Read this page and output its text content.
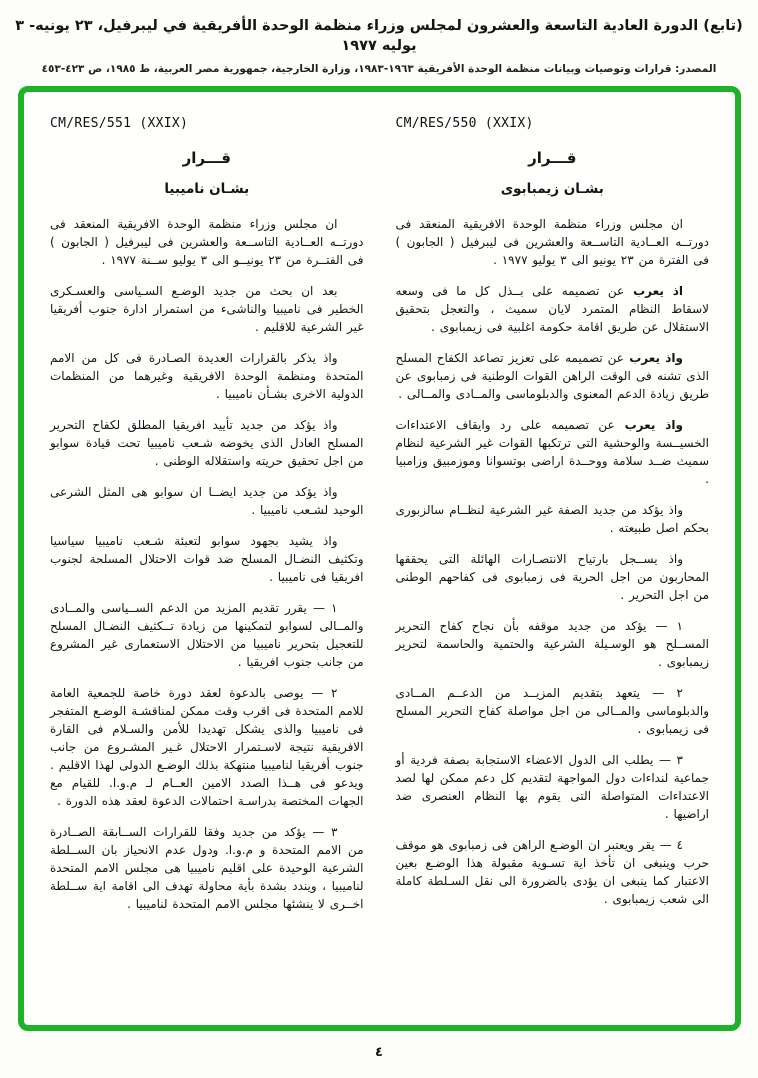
(تابع) الدورة العادية التاسعة والعشرون لمجلس وزراء منظمة الوحدة الأفريقية في ليبرفيل، ٢٣ يونيه- ٣ يوليه ١٩٧٧
المصدر: قرارات وتوصيات وبيانات منظمة الوحدة الأفريقية ١٩٦٣-١٩٨٣، وزارة الخارجية، جمهورية مصر العربية، ط ١٩٨٥، ص ٤٢٣-٤٥٣
CM/RES/550 (XXIX)
قـــرار
بشـان زيمبابوى

ان مجلس وزراء منظمة الوحدة الافريقية المنعقد فى دورتــه العــادية التاســعة والعشرين فى ليبرفيل ( الجابون ) فى الفترة من ٢٣ يونيو الى ٣ يوليو ١٩٧٧ .

اذ يعرب عن تصميمه على بــذل كل ما فى وسعه لاسقاط النظام المتمرد لايان سميث ، والتعجل بتحقيق الاستقلال عن طريق اقامة حكومة اغلبية فى زيمبابوى .

واذ يعرب عن تصميمه على تعزيز تصاعد الكفاح المسلح الذى تشنه فى الوقت الراهن القوات الوطنية فى زمبابوى عن طريق زيادة الدعم المعنوى والدبلوماسى والمــادى والمــالى .

واذ يعرب عن تصميمه على رد وايقاف الاعتداءات الخسيــسة والوحشية التى ترتكبها القوات غير الشرعية لنظام سميث ضــد سلامة ووحــدة اراضى بوتسوانا وموزمبيق وزامبيا .

واذ يؤكد من جديد الصفة غير الشرعية لنظــام سالزبورى بحكم اصل طبيعته .

واذ يســجل بارتياح الانتصـارات الهائلة التى يحققها المحاربون من اجل الحرية فى زمبابوى فى كفاحهم الوطنى من اجل التحرير .

١ — يؤكد من جديد موقفه بأن نجاح كفاح التحرير المســلح هو الوسـيلة الشرعية والحتمية والحاسمة لتحرير زيمبابوى .

٢ — يتعهد بتقديم المزيــد من الدعــم المــادى والدبلوماسى والمــالى من اجل مواصلة كفاح التحرير المسلح فى زيمبابوى .

٣ — يطلب الى الدول الاعضاء الاستجابة بصفة فردية أو جماعية لنداءات دول المواجهة لتقديم كل دعم ممكن لها لصد الاعتداءات المتواصلة التى يقوم بها النظام العنصرى ضد اراضيها .

٤ — يقر ويعتبر ان الوضـع الراهن فى زمبابوى هو موقف حرب وينبغى ان تأخذ اية تسـوية مقبولة هذا الوضـع بعين الاعتبار كما ينبغى ان يؤدى بالضرورة الى نقل السـلطة كاملة الى شعب زيمبابوى .

CM/RES/551 (XXIX)
قـــرار
بشـان ناميبيا

ان مجلس وزراء منظمة الوحدة الافريقية المنعقد فى دورتــه العــادية التاســعة والعشرين فى ليبرفيل ( الجابون ) فى الفتــرة من ٢٣ يونيــو الى ٣ يوليو ســنة ١٩٧٧ .

بعد ان بحث من جديد الوضـع السـياسى والعسـكرى الخطير فى ناميبيا والناشىء من استمرار ادارة جنوب أفريقيا غير الشرعية للاقليم .

واذ يذكر بالقرارات العديدة الصـادرة فى كل من الامم المتحدة ومنظمة الوحدة الافريقية وغيرهما من المنظمات الدولية الاخرى بشـأن ناميبيا .

واذ يؤكد من جديد تأييد افريقيا المطلق لكفاح التحرير المسلح العادل الذى يخوضه شـعب ناميبيا تحت قيادة سوابو من اجل تحقيق حريته واستقلاله الوطنى .

واذ يؤكد من جديد ايضــا ان سوابو هى المثل الشرعى الوحيد لشـعب ناميبيا .

واذ يشيد بجهود سوابو لتعبئة شـعب ناميبيا سياسيا وتكثيف النضـال المسلح ضد قوات الاحتلال المسلحة لجنوب افريقيا فى ناميبيا .

١ — يقرر تقديم المزيد من الدعم الســياسى والمــادى والمــالى لسوابو لتمكينها من زيادة تــكثيف النضـال المسلح للتعجيل بتحرير ناميبيا من الاحتلال الاستعمارى غير المشروع من جانب جنوب افريقيا .

٢ — يوصى بالدعوة لعقد دورة خاصة للجمعية العامة للامم المتحدة فى اقرب وقت ممكن لمناقشـة الوضـع المتفجر فى ناميبيا والذى يشكل تهديدا للأمن والسـلام فى القارة الافريقية نتيجة لاسـتمرار الاحتلال غـير المشـروع من جانب جنوب أفريقيا لناميبيا منتهكة بذلك الوضـع الدولى لهذا الاقليم . ويدعو فى هــذا الصدد الامين العــام لـ م.و.ا. للقيام مع الجهات المختصة بدراسـة احتمالات الدعوة لعقد هذه الدورة .

٣ — يؤكد من جديد وفقا للقرارات الســابقة الصــادرة من الامم المتحدة و م.و.ا. ودول عدم الانحياز بان الســلطة الشرعية الوحيدة على اقليم ناميبيا هى مجلس الامم المتحدة لناميبيا ، ويندد بشدة بأية محاولة تهدف الى اقامة اية ســلطة اخــرى لا ينشئها مجلس الامم المتحدة لناميبيا .

٤
